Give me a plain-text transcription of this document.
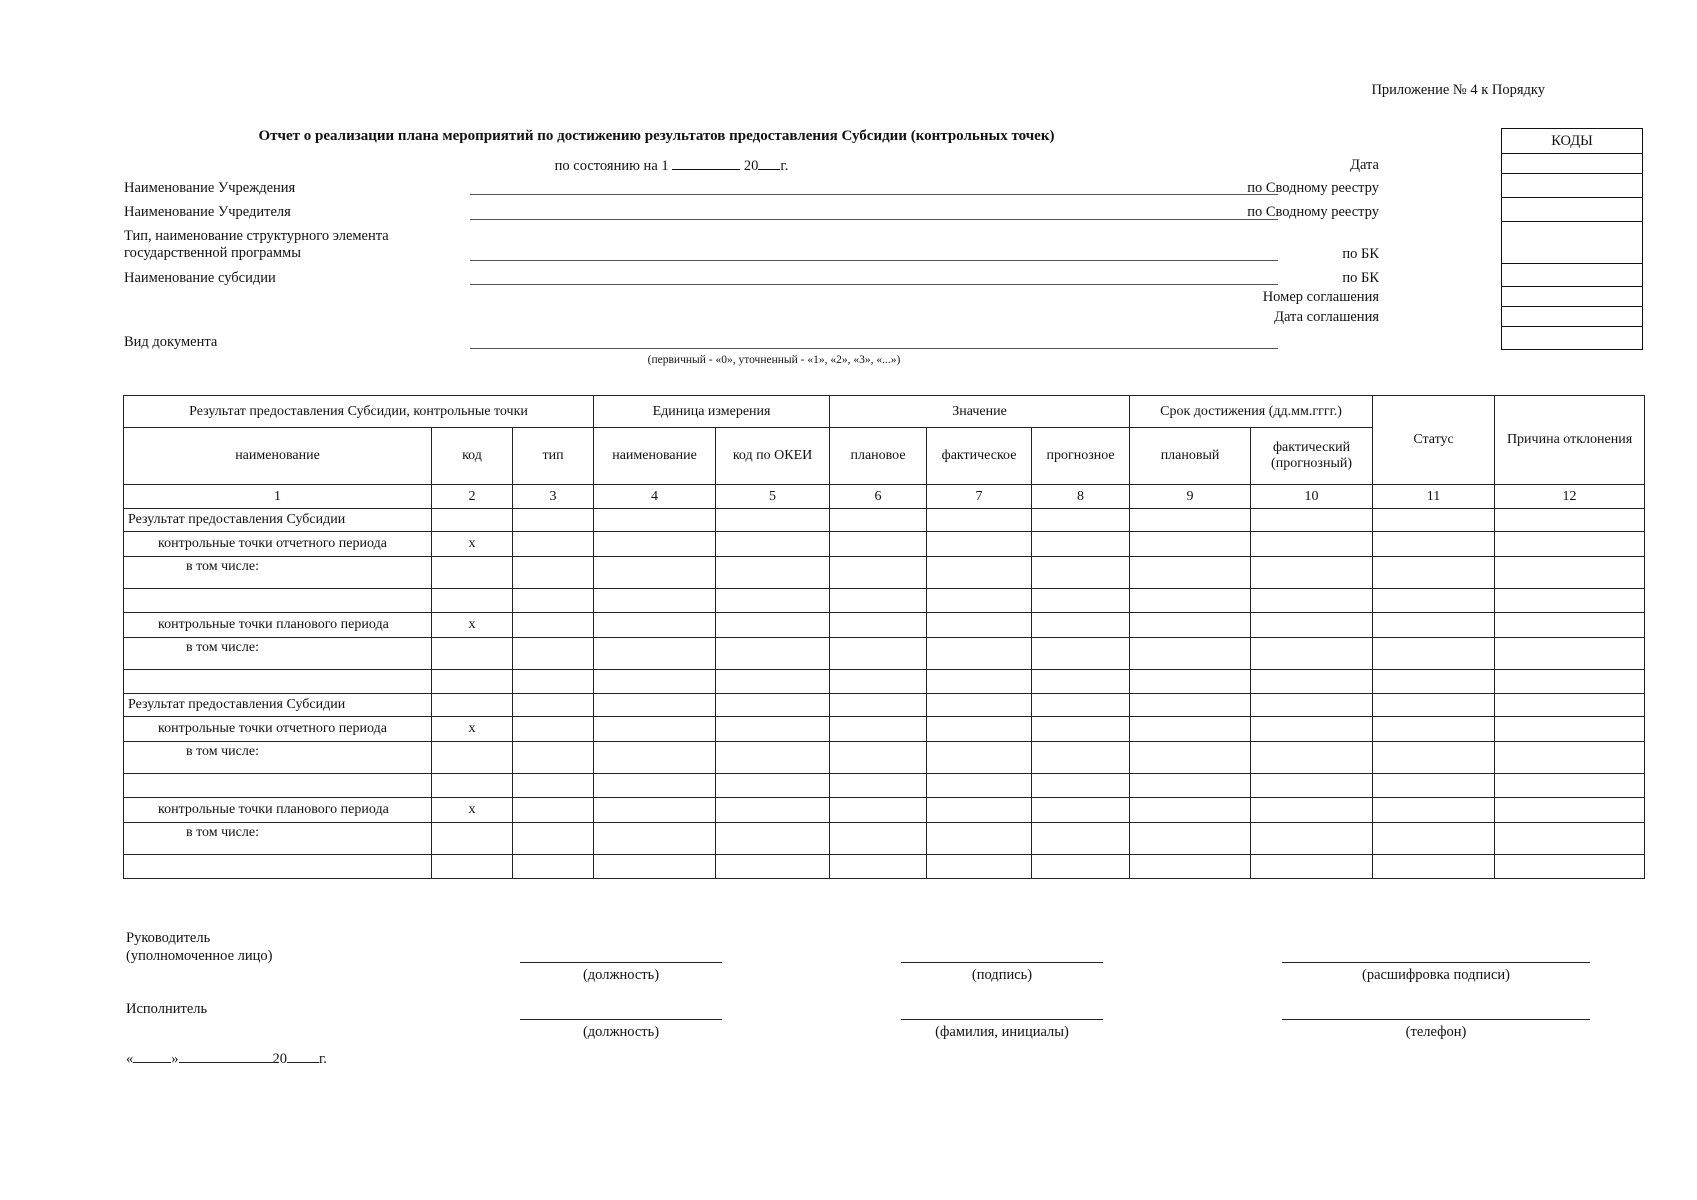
Приложение № 4 к Порядку
Отчет о реализации плана мероприятий по достижению результатов предоставления Субсидии (контрольных точек)
по состоянию на 1	20 г.
Наименование Учреждения
Наименование Учредителя
Тип, наименование структурного элемента государственной программы
Наименование субсидии
Вид документа
(первичный - «0», уточненный - «1», «2», «3», «...»)
КОДЫ
Дата
по Сводному реестру
по Сводному реестру
по БК
по БК
Номер соглашения
Дата соглашения
Результат предоставления Субсидии, контрольные точки			Единица измерения		Значение			Срок достижения (дд.мм.гггг.)		Статус	Причина отклонения
наименование	код	тип	наименование	код по ОКЕИ	плановое	фактическое	прогнозное	плановый	фактический (прогнозный)		
1	2	3	4	5	6	7	8	9	10	11	12
Результат предоставления Субсидии											
контрольные точки отчетного периода	х										
в том числе:											

контрольные точки планового периода	х										
в том числе:											

Результат предоставления Субсидии											
контрольные точки отчетного периода	х										
в том числе:											

контрольные точки планового периода	х										
в том числе:											

Руководитель
(уполномоченное лицо)
(должность)	(подпись)	(расшифровка подписи)
Исполнитель
(должность)	(фамилия, инициалы)	(телефон)
«	»	20 г.
